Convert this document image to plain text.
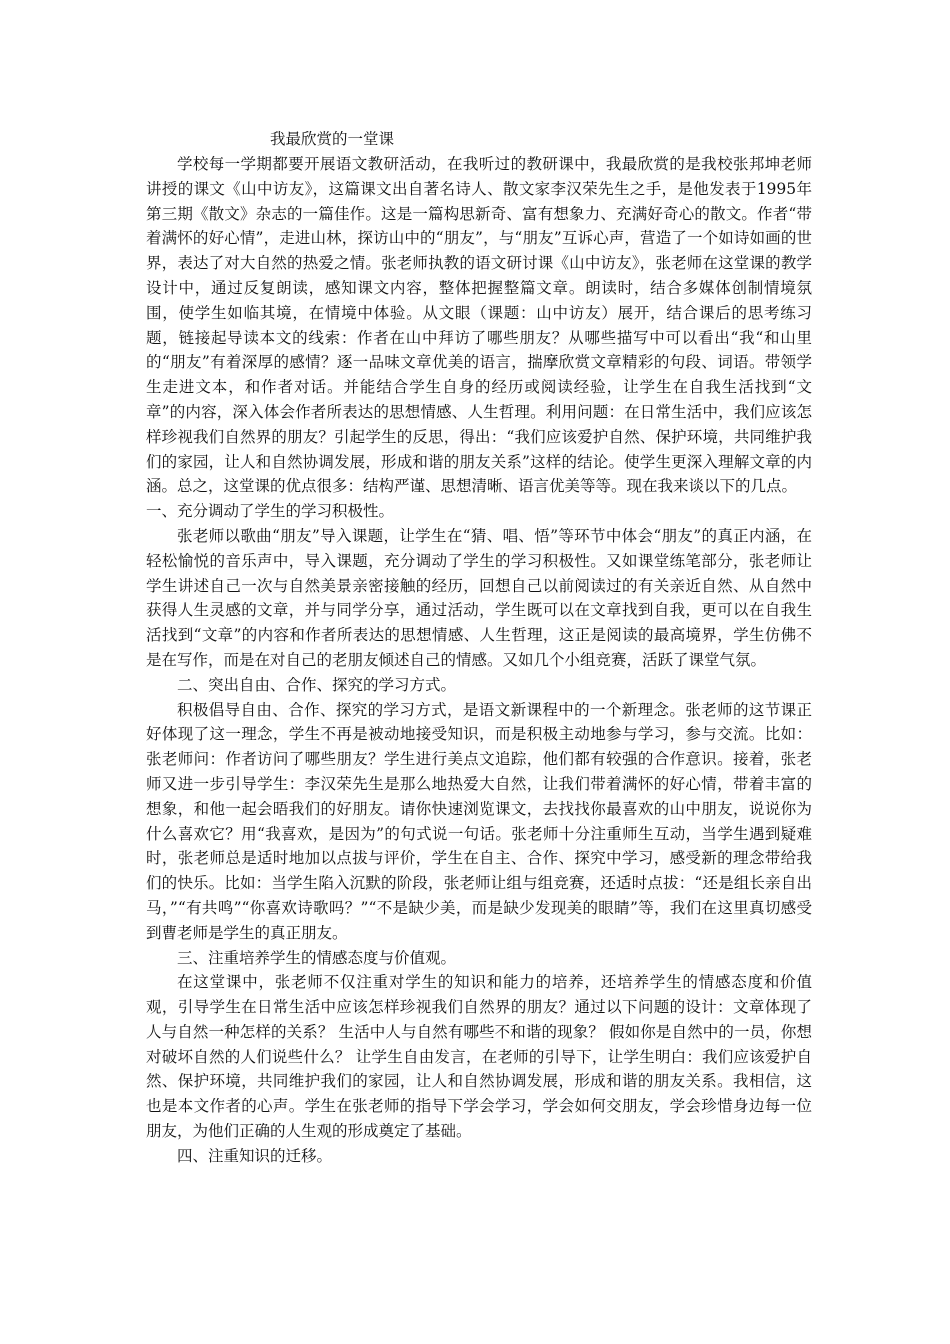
我最欣赏的一堂课

学校每一学期都要开展语文教研活动，在我听过的教研课中，我最欣赏的是我校张邦坤老师讲授的课文《山中访友》，这篇课文出自著名诗人、散文家李汉荣先生之手，是他发表于1995年第三期《散文》杂志的一篇佳作。这是一篇构思新奇、富有想象力、充满好奇心的散文。作者“带着满怀的好心情”，走进山林，探访山中的“朋友”，与“朋友”互诉心声，营造了一个如诗如画的世界，表达了对大自然的热爱之情。张老师执教的语文研讨课《山中访友》，张老师在这堂课的教学设计中，通过反复朗读，感知课文内容，整体把握整篇文章。朗读时，结合多媒体创制情境氛围，使学生如临其境，在情境中体验。从文眼（课题：山中访友）展开，结合课后的思考练习题，链接起导读本文的线索：作者在山中拜访了哪些朋友？从哪些描写中可以看出“我“和山里的“朋友”有着深厚的感情？逐一品味文章优美的语言，揣摩欣赏文章精彩的句段、词语。带领学生走进文本，和作者对话。并能结合学生自身的经历或阅读经验，让学生在自我生活找到“文章”的内容，深入体会作者所表达的思想情感、人生哲理。利用问题：在日常生活中，我们应该怎样珍视我们自然界的朋友？引起学生的反思，得出：“我们应该爱护自然、保护环境，共同维护我们的家园，让人和自然协调发展，形成和谐的朋友关系”这样的结论。使学生更深入理解文章的内涵。总之，这堂课的优点很多：结构严谨、思想清晰、语言优美等等。现在我来谈以下的几点。

一、充分调动了学生的学习积极性。

张老师以歌曲“朋友”导入课题，让学生在“猜、唱、悟”等环节中体会“朋友”的真正内涵，在轻松愉悦的音乐声中，导入课题，充分调动了学生的学习积极性。又如课堂练笔部分，张老师让学生讲述自己一次与自然美景亲密接触的经历，回想自己以前阅读过的有关亲近自然、从自然中获得人生灵感的文章，并与同学分享，通过活动，学生既可以在文章找到自我，更可以在自我生活找到“文章”的内容和作者所表达的思想情感、人生哲理，这正是阅读的最高境界，学生仿佛不是在写作，而是在对自己的老朋友倾述自己的情感。又如几个小组竞赛，活跃了课堂气氛。

二、突出自由、合作、探究的学习方式。

积极倡导自由、合作、探究的学习方式，是语文新课程中的一个新理念。张老师的这节课正好体现了这一理念，学生不再是被动地接受知识，而是积极主动地参与学习，参与交流。比如：张老师问：作者访问了哪些朋友？学生进行美点文追踪，他们都有较强的合作意识。接着，张老师又进一步引导学生：李汉荣先生是那么地热爱大自然，让我们带着满怀的好心情，带着丰富的想象，和他一起会晤我们的好朋友。请你快速浏览课文，去找找你最喜欢的山中朋友，说说你为什么喜欢它？用“我喜欢，是因为”的句式说一句话。张老师十分注重师生互动，当学生遇到疑难时，张老师总是适时地加以点拔与评价，学生在自主、合作、探究中学习，感受新的理念带给我们的快乐。比如：当学生陷入沉默的阶段，张老师让组与组竞赛，还适时点拔：“还是组长亲自出马，”“有共鸣”“你喜欢诗歌吗？”“不是缺少美，而是缺少发现美的眼睛”等，我们在这里真切感受到曹老师是学生的真正朋友。

三、注重培养学生的情感态度与价值观。

在这堂课中，张老师不仅注重对学生的知识和能力的培养，还培养学生的情感态度和价值观，引导学生在日常生活中应该怎样珍视我们自然界的朋友？通过以下问题的设计：文章体现了人与自然一种怎样的关系？ 生活中人与自然有哪些不和谐的现象？ 假如你是自然中的一员，你想对破坏自然的人们说些什么？ 让学生自由发言，在老师的引导下，让学生明白：我们应该爱护自然、保护环境，共同维护我们的家园，让人和自然协调发展，形成和谐的朋友关系。我相信，这也是本文作者的心声。学生在张老师的指导下学会学习，学会如何交朋友，学会珍惜身边每一位朋友，为他们正确的人生观的形成奠定了基础。

四、注重知识的迁移。
